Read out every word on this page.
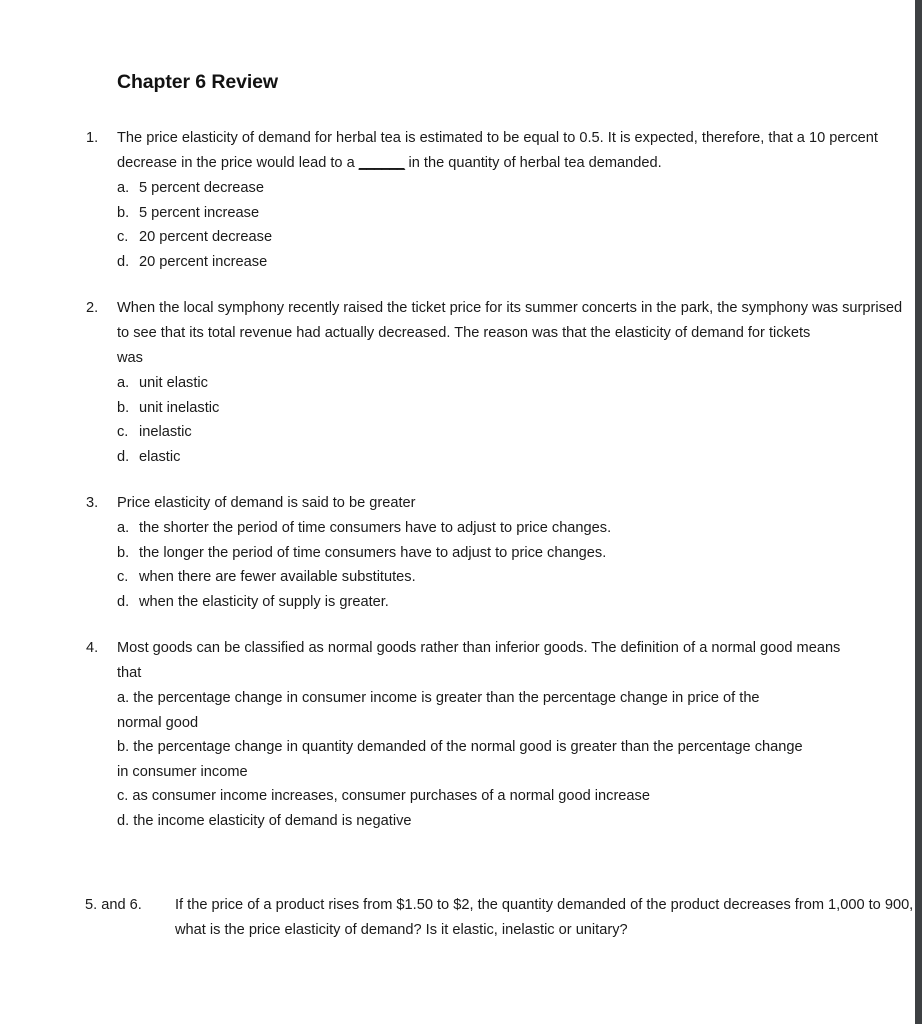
Chapter 6 Review
1.	The price elasticity of demand for herbal tea is estimated to be equal to 0.5. It is expected, therefore, that a 10 percent decrease in the price would lead to a ______ in the quantity of herbal tea demanded.
a. 5 percent decrease
b. 5 percent increase
c. 20 percent decrease
d. 20 percent increase
2.	When the local symphony recently raised the ticket price for its summer concerts in the park, the symphony was surprised to see that its total revenue had actually decreased. The reason was that the elasticity of demand for tickets was
a. unit elastic
b. unit inelastic
c. inelastic
d. elastic
3.	Price elasticity of demand is said to be greater
a. the shorter the period of time consumers have to adjust to price changes.
b. the longer the period of time consumers have to adjust to price changes.
c. when there are fewer available substitutes.
d. when the elasticity of supply is greater.
4.	Most goods can be classified as normal goods rather than inferior goods. The definition of a normal good means that
a. the percentage change in consumer income is greater than the percentage change in price of the normal good
b. the percentage change in quantity demanded of the normal good is greater than the percentage change in consumer income
c. as consumer income increases, consumer purchases of a normal good increase
d. the income elasticity of demand is negative
5. and 6. If the price of a product rises from $1.50 to $2, the quantity demanded of the product decreases from 1,000 to 900, what is the price elasticity of demand? Is it elastic, inelastic or unitary?
